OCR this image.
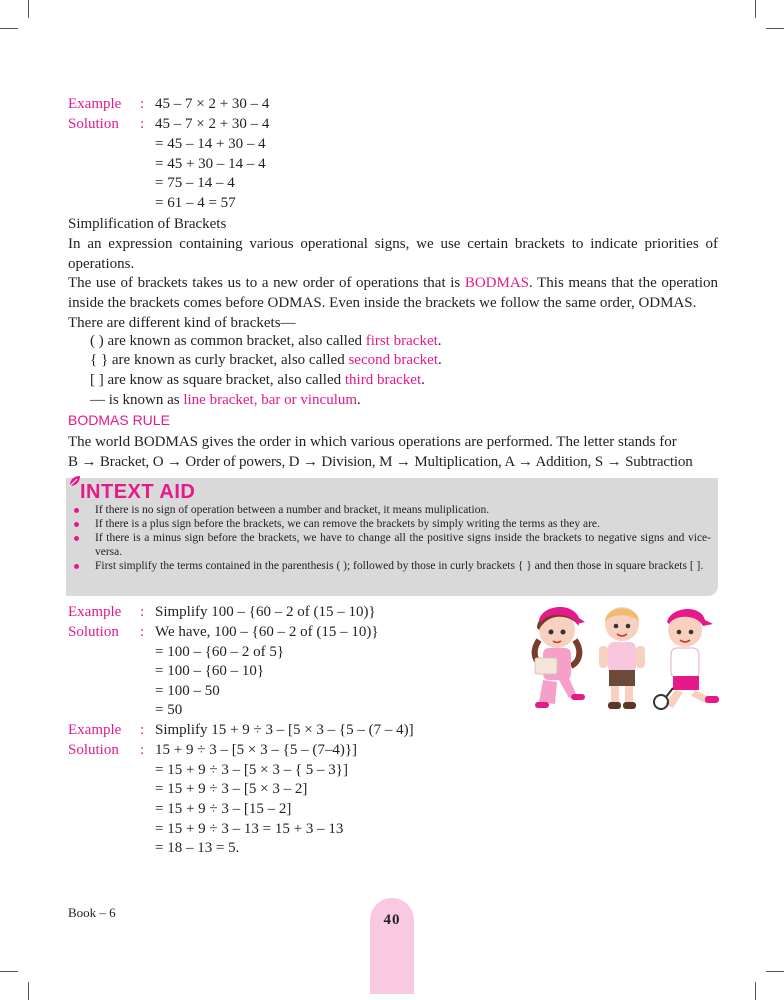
Example : 45 – 7 × 2 + 30 – 4
Solution : 45 – 7 × 2 + 30 – 4
= 45 – 14 + 30 – 4
= 45 + 30 – 14 – 4
= 75 – 14 – 4
= 61 – 4 = 57
Simplification of Brackets
In an expression containing various operational signs, we use certain brackets to indicate priorities of operations.
The use of brackets takes us to a new order of operations that is BODMAS. This means that the operation inside the brackets comes before ODMAS. Even inside the brackets we follow the same order, ODMAS.
There are different kind of brackets—
( ) are known as common bracket, also called first bracket.
{ } are known as curly bracket, also called second bracket.
[ ] are know as square bracket, also called third bracket.
— is known as line bracket, bar or vinculum.
BODMAS RULE
The world BODMAS gives the order in which various operations are performed. The letter stands for
B → Bracket, O → Order of powers, D → Division, M → Multiplication, A → Addition, S → Subtraction
INTEXT AID
If there is no sign of operation between a number and bracket, it means muliplication.
If there is a plus sign before the brackets, we can remove the brackets by simply writing the terms as they are.
If there is a minus sign before the brackets, we have to change all the positive signs inside the brackets to negative signs and vice-versa.
First simplify the terms contained in the parenthesis ( ); followed by those in curly brackets { } and then those in square brackets [ ].
Example : Simplify 100 – {60 – 2 of (15 – 10)}
Solution : We have, 100 – {60 – 2 of (15 – 10)}
= 100 – {60 – 2 of 5}
= 100 – {60 – 10}
= 100 – 50
= 50
Example : Simplify 15 + 9 ÷ 3 – [5 × 3 – {5 – (7 – 4)]
Solution : 15 + 9 ÷ 3 – [5 × 3 – {5 – (7–4)}]
= 15 + 9 ÷ 3 – [5 × 3 – { 5 – 3}]
= 15 + 9 ÷ 3 – [5 × 3 – 2]
= 15 + 9 ÷ 3 – [15 – 2]
= 15 + 9 ÷ 3 – 13 = 15 + 3 – 13
= 18 – 13 = 5.
Book – 6	40
